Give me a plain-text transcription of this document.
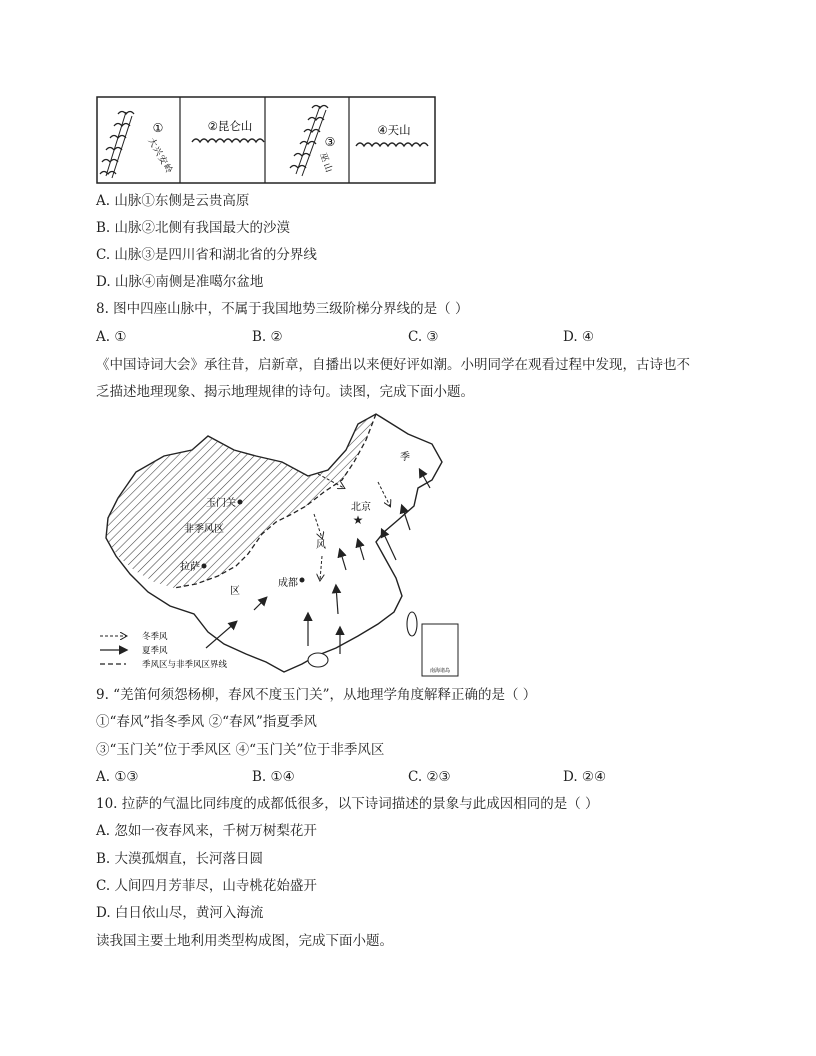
①
大
兴
安
岭
②昆仑山
③
巫
山
④天山
A. 山脉①东侧是云贵高原
B. 山脉②北侧有我国最大的沙漠
C. 山脉③是四川省和湖北省的分界线
D. 山脉④南侧是准噶尔盆地
8. 图中四座山脉中，不属于我国地势三级阶梯分界线的是（ ）
A. ①	B. ②	C. ③	D. ④
《中国诗词大会》承往昔，启新章，自播出以来便好评如潮。小明同学在观看过程中发现，古诗也不
乏描述地理现象、揭示地理规律的诗句。读图，完成下面小题。
南海诸岛
玉门关
非季风区
拉萨
区
成都
北京
★
风
季
冬季风
夏季风
季风区与非季风区界线
9. “羌笛何须怨杨柳，春风不度玉门关”，从地理学角度解释正确的是（ ）
①“春风”指冬季风 ②“春风”指夏季风
③“玉门关”位于季风区 ④“玉门关”位于非季风区
A. ①③	B. ①④	C. ②③	D. ②④
10. 拉萨的气温比同纬度的成都低很多，以下诗词描述的景象与此成因相同的是（ ）
A. 忽如一夜春风来，千树万树梨花开
B. 大漠孤烟直，长河落日圆
C. 人间四月芳菲尽，山寺桃花始盛开
D. 白日依山尽，黄河入海流
读我国主要土地利用类型构成图，完成下面小题。
